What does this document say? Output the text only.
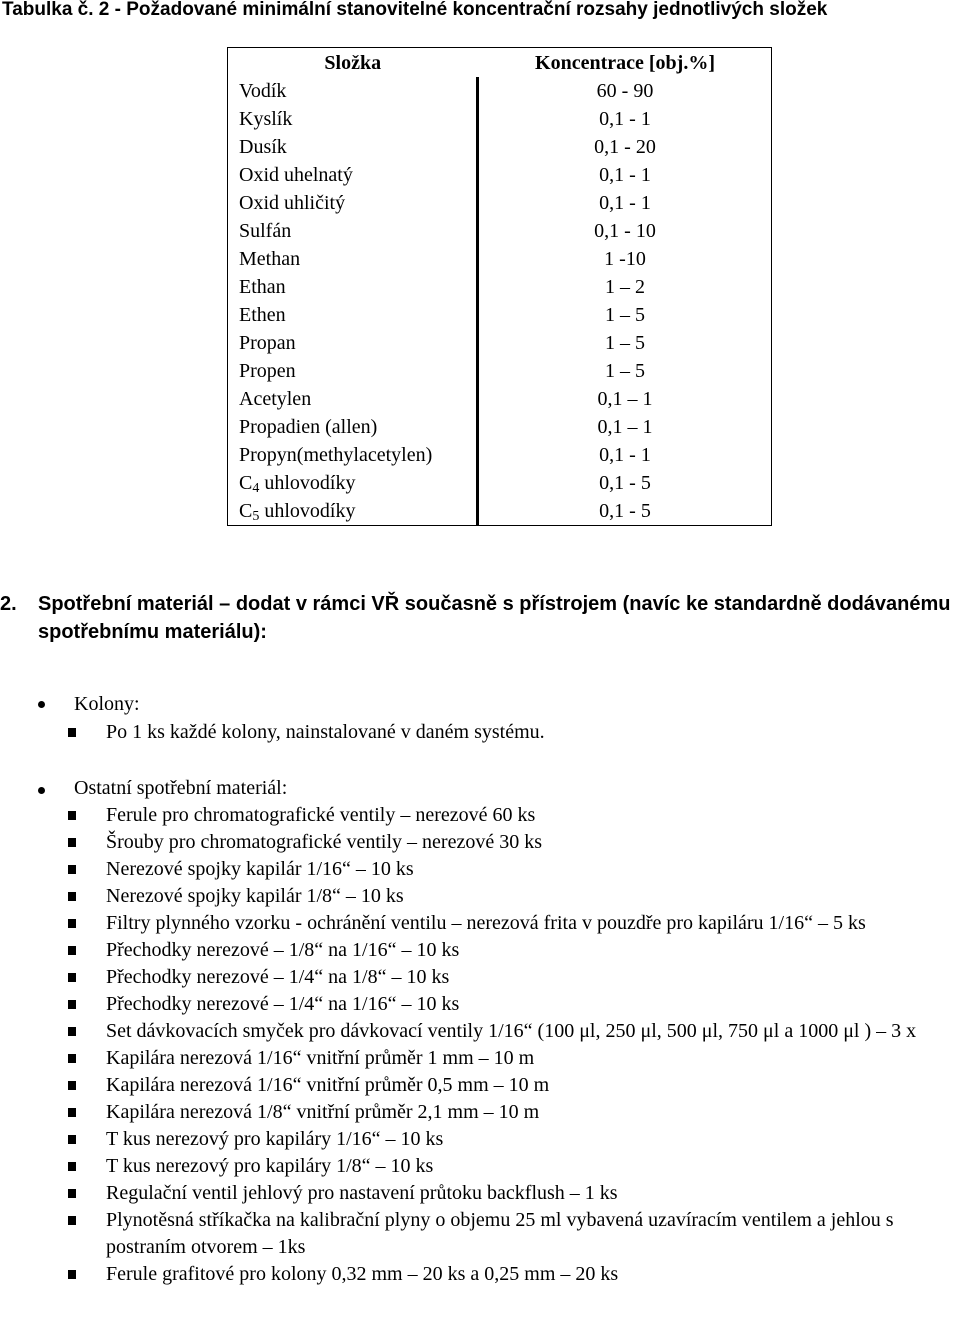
Tabulka č. 2 - Požadované minimální stanovitelné koncentrační rozsahy jednotlivých složek
Složka	Koncentrace [obj.%]
Vodík	60 - 90
Kyslík	0,1 - 1
Dusík	0,1 - 20
Oxid uhelnatý	0,1 - 1
Oxid uhličitý	0,1 - 1
Sulfán	0,1 - 10
Methan	1 -10
Ethan	1 – 2
Ethen	1 – 5
Propan	1 – 5
Propen	1 – 5
Acetylen	0,1 – 1
Propadien (allen)	0,1 – 1
Propyn(methylacetylen)	0,1 - 1
$C_4$ uhlovodíky	0,1 - 5
$C_5$ uhlovodíky	0,1 - 5
2. Spotřební materiál – dodat v rámci VŘ současně s přístrojem (navíc ke standardně dodávanému spotřebnímu materiálu):
Kolony:
Po 1 ks každé kolony, nainstalované v daném systému.
Ostatní spotřební materiál:
Ferule pro chromatografické ventily – nerezové 60 ks
Šrouby pro chromatografické ventily – nerezové 30 ks
Nerezové spojky kapilár 1/16“ – 10 ks
Nerezové spojky kapilár 1/8“ – 10 ks
Filtry plynného vzorku - ochránění ventilu – nerezová frita v pouzdře pro kapiláru 1/16“ – 5 ks
Přechodky nerezové – 1/8“ na 1/16“ – 10 ks
Přechodky nerezové – 1/4“ na 1/8“ – 10 ks
Přechodky nerezové – 1/4“ na 1/16“ – 10 ks
Set dávkovacích smyček pro dávkovací ventily 1/16“ (100 μl, 250 μl, 500 μl, 750 μl a 1000 μl ) – 3 x
Kapilára nerezová 1/16“ vnitřní průměr 1 mm – 10 m
Kapilára nerezová 1/16“ vnitřní průměr 0,5 mm – 10 m
Kapilára nerezová 1/8“ vnitřní průměr 2,1 mm – 10 m
T kus nerezový pro kapiláry 1/16“ – 10 ks
T kus nerezový pro kapiláry 1/8“ – 10 ks
Regulační ventil jehlový pro nastavení průtoku backflush – 1 ks
Plynotěsná stříkačka na kalibrační plyny o objemu 25 ml vybavená uzavíracím ventilem a jehlou s postraním otvorem – 1ks
Ferule grafitové pro kolony 0,32 mm – 20 ks a 0,25 mm – 20 ks
